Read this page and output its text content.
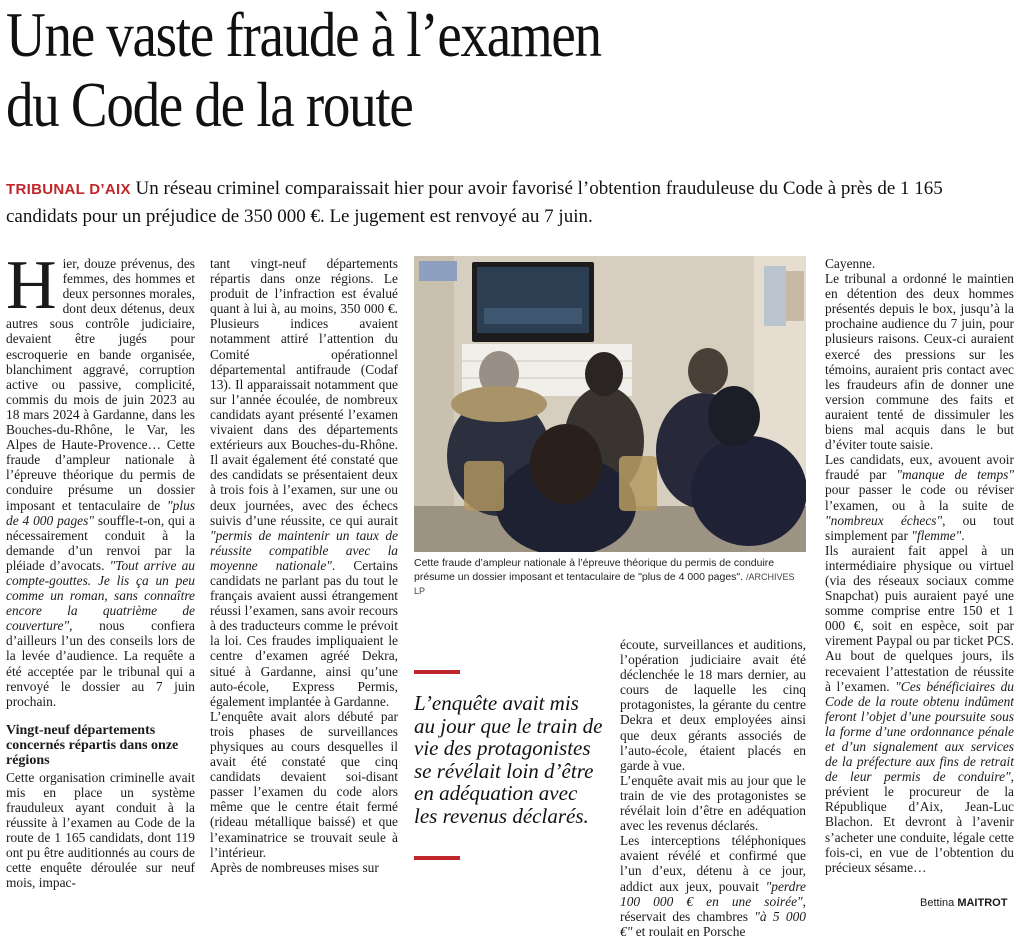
Une vaste fraude à l’examen
du Code de la route

TRIBUNAL D’AIX Un réseau criminel comparaissait hier pour avoir favorisé l’obtention frauduleuse du Code à près de 1 165 candidats pour un préjudice de 350 000 €. Le jugement est renvoyé au 7 juin.

H ier, douze prévenus, des femmes, des hommes et deux personnes morales, dont deux détenus, deux autres sous contrôle judiciaire, devaient être jugés pour escroquerie en bande organisée, blanchiment aggravé, corruption active ou passive, complicité, commis du mois de juin 2023 au 18 mars 2024 à Gardanne, dans les Bouches-du-Rhône, le Var, les Alpes de Haute-Provence… Cette fraude d’ampleur nationale à l’épreuve théorique du permis de conduire présume un dossier imposant et tentaculaire de "plus de 4 000 pages" souffle-t-on, qui a nécessairement conduit à la demande d’un renvoi par la pléiade d’avocats. "Tout arrive au compte-gouttes. Je lis ça un peu comme un roman, sans connaître encore la quatrième de couverture", nous confiera d’ailleurs l’un des conseils lors de la levée d’audience. La requête a été acceptée par le tribunal qui a renvoyé le dossier au 7 juin prochain.

Vingt-neuf départements concernés répartis dans onze régions

Cette organisation criminelle avait mis en place un système frauduleux ayant conduit à la réussite à l’examen au Code de la route de 1 165 candidats, dont 119 ont pu être auditionnés au cours de cette enquête déroulée sur neuf mois, impac-

tant vingt-neuf départements répartis dans onze régions. Le produit de l’infraction est évalué quant à lui à, au moins, 350 000 €. Plusieurs indices avaient notamment attiré l’attention du Comité opérationnel départemental antifraude (Codaf 13). Il apparaissait notamment que sur l’année écoulée, de nombreux candidats ayant présenté l’examen vivaient dans des départements extérieurs aux Bouches-du-Rhône. Il avait également été constaté que des candidats se présentaient deux à trois fois à l’examen, sur une ou deux journées, avec des échecs suivis d’une réussite, ce qui aurait "permis de maintenir un taux de réussite compatible avec la moyenne nationale". Certains candidats ne parlant pas du tout le français avaient aussi étrangement réussi l’examen, sans avoir recours à des traducteurs comme le prévoit la loi. Ces fraudes impliquaient le centre d’examen agréé Dekra, situé à Gardanne, ainsi qu’une auto-école, Express Permis, également implantée à Gardanne.

L’enquête avait alors débuté par trois phases de surveillances physiques au cours desquelles il avait été constaté que cinq candidats devaient soi-disant passer l’examen du code alors même que le centre était fermé (rideau métallique baissé) et que l’examinatrice se trouvait seule à l’intérieur.

Après de nombreuses mises sur

Cette fraude d’ampleur nationale à l’épreuve théorique du permis de conduire présume un dossier imposant et tentaculaire de "plus de 4 000 pages". /ARCHIVES LP
L’enquête avait mis au jour que le train de vie des protagonistes se révélait loin d’être en adéquation avec les revenus déclarés.

écoute, surveillances et auditions, l’opération judiciaire avait été déclenchée le 18 mars dernier, au cours de laquelle les cinq protagonistes, la gérante du centre Dekra et deux employées ainsi que deux gérants associés de l’auto-école, étaient placés en garde à vue.

L’enquête avait mis au jour que le train de vie des protagonistes se révélait loin d’être en adéquation avec les revenus déclarés.

Les interceptions téléphoniques avaient révélé et confirmé que l’un d’eux, détenu à ce jour, addict aux jeux, pouvait "perdre 100 000 € en une soirée", réservait des chambres "à 5 000 €" et roulait en Porsche

Cayenne.

Le tribunal a ordonné le maintien en détention des deux hommes présentés depuis le box, jusqu’à la prochaine audience du 7 juin, pour plusieurs raisons. Ceux-ci auraient exercé des pressions sur les témoins, auraient pris contact avec les fraudeurs afin de donner une version commune des faits et auraient tenté de dissimuler les biens mal acquis dans le but d’éviter toute saisie.

Les candidats, eux, avouent avoir fraudé par "manque de temps" pour passer le code ou réviser l’examen, ou à la suite de "nombreux échecs", ou tout simplement par "flemme".

Ils auraient fait appel à un intermédiaire physique ou virtuel (via des réseaux sociaux comme Snapchat) puis auraient payé une somme comprise entre 150 et 1 000 €, soit en espèce, soit par virement Paypal ou par ticket PCS. Au bout de quelques jours, ils recevaient l’attestation de réussite à l’examen. "Ces bénéficiaires du Code de la route obtenu indûment feront l’objet d’une poursuite sous la forme d’une ordonnance pénale et d’un signalement aux services de la préfecture aux fins de retrait de leur permis de conduire", prévient le procureur de la République d’Aix, Jean-Luc Blachon. Et devront à l’avenir s’acheter une conduite, légale cette fois-ci, en vue de l’obtention du précieux sésame…

Bettina MAITROT
